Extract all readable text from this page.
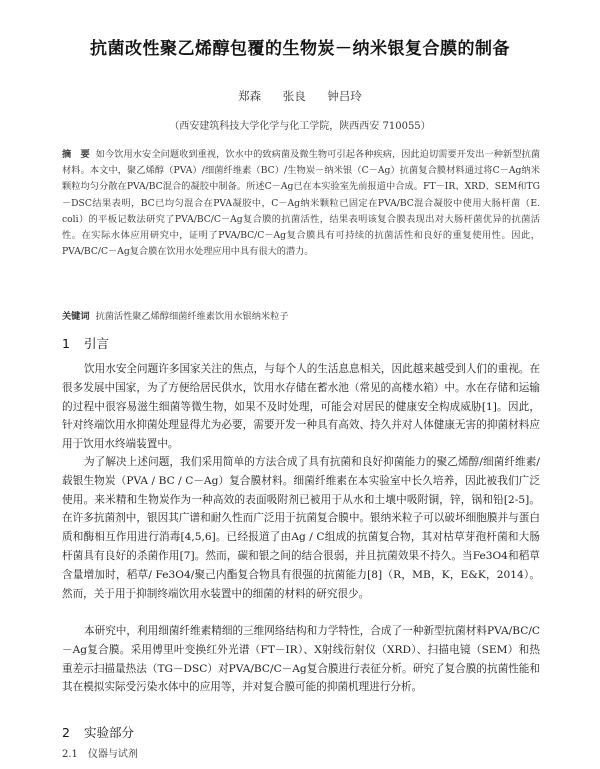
抗菌改性聚乙烯醇包覆的生物炭－纳米银复合膜的制备
郑森 张良 钟吕玲
（西安建筑科技大学化学与化工学院，陕西西安 710055）
摘　要 如今饮用水安全问题收到重视，饮水中的致病菌及微生物可引起各种疾病，因此迫切需要开发出一种新型抗菌材料。本文中，聚乙烯醇（PVA）/细菌纤维素（BC）/生物炭－纳米银（C－Ag）抗菌复合膜材料通过将C－Ag纳米颗粒均匀分散在PVA/BC混合的凝胶中制备。所述C－Ag已在本实验室先前报道中合成。FT－IR、XRD、SEM和TG－DSC结果表明，BC已均匀混合在PVA凝胶中，C－Ag纳米颗粒已固定在PVA/BC混合凝胶中使用大肠杆菌（E. coli）的平板记数法研究了PVA/BC/C－Ag复合膜的抗菌活性，结果表明该复合膜表现出对大肠杆菌优异的抗菌活性。在实际水体应用研究中，证明了PVA/BC/C－Ag复合膜具有可持续的抗菌活性和良好的重复使用性。因此，PVA/BC/C－Ag复合膜在饮用水处理应用中具有很大的潜力。
关键词 抗菌活性聚乙烯醇细菌纤维素饮用水银纳米粒子
1 引言
饮用水安全问题许多国家关注的焦点，与每个人的生活息息相关，因此越来越受到人们的重视。在很多发展中国家，为了方便给居民供水，饮用水存储在蓄水池（常见的高楼水箱）中。水在存储和运输的过程中很容易滋生细菌等微生物，如果不及时处理，可能会对居民的健康安全构成威胁[1]。因此，针对终端饮用水抑菌处理显得尤为必要，需要开发一种具有高效、持久并对人体健康无害的抑菌材料应用于饮用水终端装置中。
为了解决上述问题，我们采用简单的方法合成了具有抗菌和良好抑菌能力的聚乙烯醇/细菌纤维素/载银生物炭（PVA / BC / C－Ag）复合膜材料。细菌纤维素在本实验室中长久培养，因此被我们广泛使用。来米精和生物炭作为一种高效的表面吸附剂已被用于从水和土壤中吸附铜，锌，锅和铅[2-5]。在许多抗菌剂中，银因其广谱和耐久性而广泛用于抗菌复合膜中。银纳米粒子可以破坏细胞膜并与蛋白质和酶相互作用进行消毒[4,5,6]。已经报道了由Ag / C组成的抗菌复合物，其对枯草芽孢杆菌和大肠杆菌具有良好的杀菌作用[7]。然而，碳和银之间的结合很弱，并且抗菌效果不持久。当Fe3O4和稻草含量增加时，稻草/ Fe3O4/聚己内酯复合物具有很强的抗菌能力[8]（R，MB，K，E&K，2014）。然而，关于用于抑制终端饮用水装置中的细菌的材料的研究很少。
本研究中，利用细菌纤维素精细的三维网络结构和力学特性，合成了一种新型抗菌材料PVA/BC/C－Ag复合膜。采用傅里叶变换红外光谱（FT－IR）、X射线衍射仪（XRD）、扫描电镜（SEM）和热重差示扫描量热法（TG－DSC）对PVA/BC/C－Ag复合膜进行表征分析。研究了复合膜的抗菌性能和其在模拟实际受污染水体中的应用等，并对复合膜可能的抑菌机理进行分析。
2 实验部分
2.1 仪器与试剂
